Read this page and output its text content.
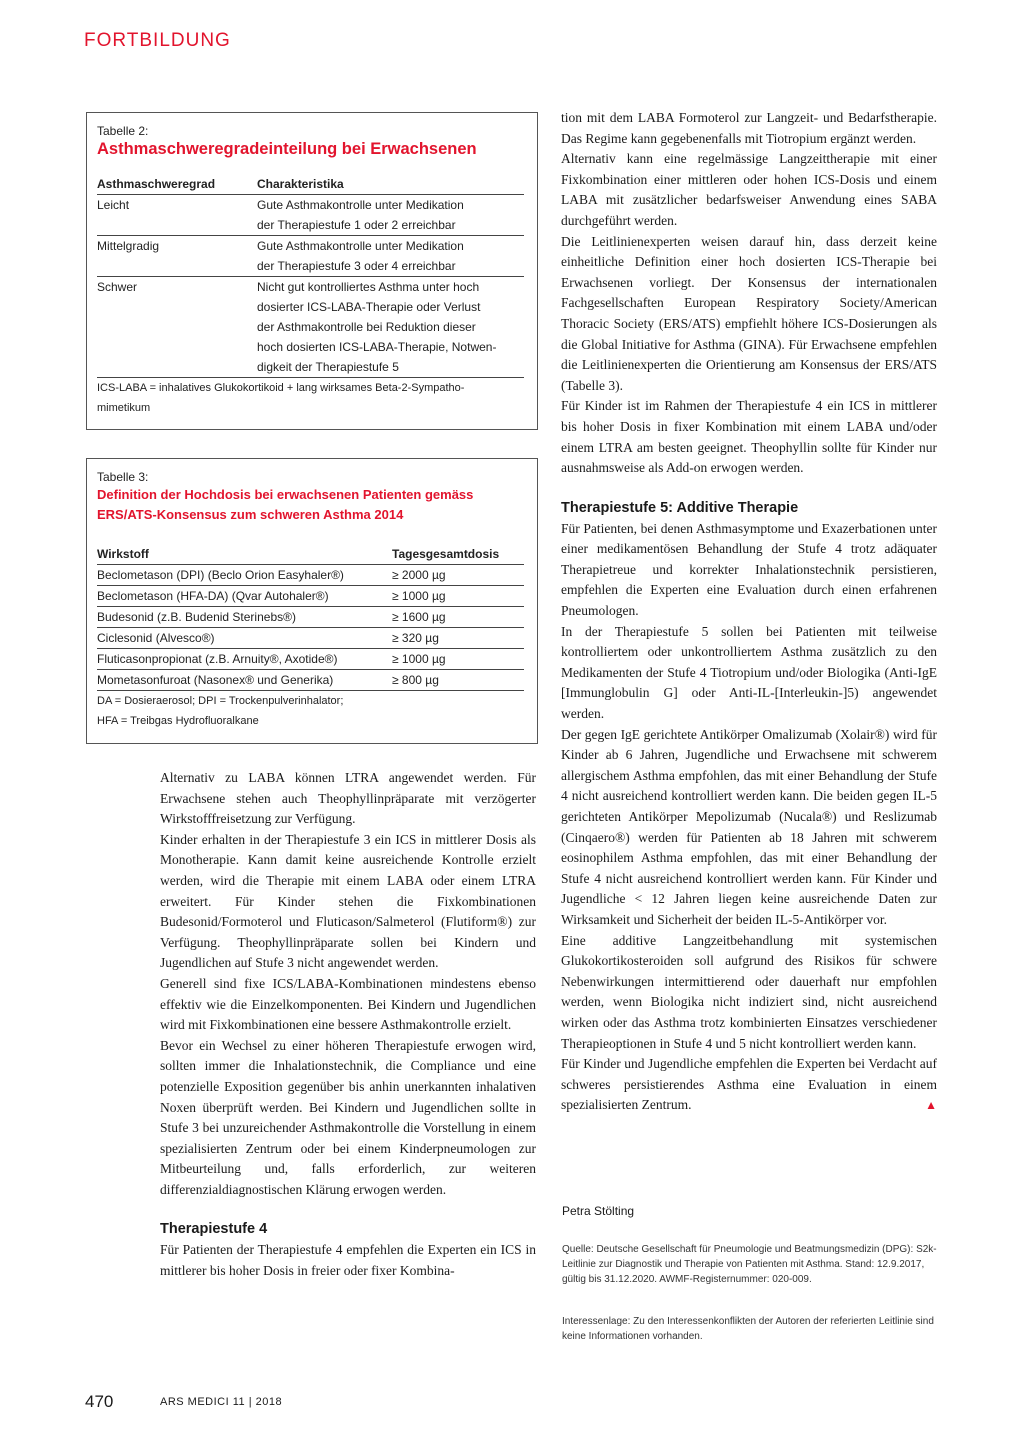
FORTBILDUNG
Tabelle 2:
Asthmaschweregradeinteilung bei Erwachsenen
Asthmaschweregrad	Charakteristika
Leicht	Gute Asthmakontrolle unter Medikation
der Therapiestufe 1 oder 2 erreichbar

Mittelgradig	Gute Asthmakontrolle unter Medikation
der Therapiestufe 3 oder 4 erreichbar

Schwer	Nicht gut kontrolliertes Asthma unter hoch
dosierter ICS-LABA-Therapie oder Verlust
der Asthmakontrolle bei Reduktion dieser
hoch dosierten ICS-LABA-Therapie, Notwen-
digkeit der Therapiestufe 5
ICS-LABA = inhalatives Glukokortikoid + lang wirksames Beta-2-Sympatho-
mimetikum
Tabelle 3:
Definition der Hochdosis bei erwachsenen Patienten gemäss
ERS/ATS-Konsensus zum schweren Asthma 2014
Wirkstoff	Tagesgesamtdosis
Beclometason (DPI) (Beclo Orion Easyhaler®)	≥ 2000 µg
Beclometason (HFA-DA) (Qvar Autohaler®)	≥ 1000 µg
Budesonid (z.B. Budenid Sterinebs®)	≥ 1600 µg
Ciclesonid (Alvesco®)	≥ 320 µg
Fluticasonpropionat (z.B. Arnuity®, Axotide®)	≥ 1000 µg
Mometasonfuroat (Nasonex® und Generika)	≥ 800 µg
DA = Dosieraerosol; DPI = Trockenpulverinhalator;
HFA = Treibgas Hydrofluoralkane

Alternativ zu LABA können LTRA angewendet werden. Für Erwachsene stehen auch Theophyllinpräparate mit verzögerter Wirkstofffreisetzung zur Verfügung.

Kinder erhalten in der Therapiestufe 3 ein ICS in mittlerer Dosis als Monotherapie. Kann damit keine ausreichende Kontrolle erzielt werden, wird die Therapie mit einem LABA oder einem LTRA erweitert. Für Kinder stehen die Fixkombinationen Budesonid/Formoterol und Fluticason/Salmeterol (Flutiform®) zur Verfügung. Theophyllinpräparate sollen bei Kindern und Jugendlichen auf Stufe 3 nicht angewendet werden.

Generell sind fixe ICS/LABA-Kombinationen mindestens ebenso effektiv wie die Einzelkomponenten. Bei Kindern und Jugendlichen wird mit Fixkombinationen eine bessere Asthmakontrolle erzielt.

Bevor ein Wechsel zu einer höheren Therapiestufe erwogen wird, sollten immer die Inhalationstechnik, die Compliance und eine potenzielle Exposition gegenüber bis anhin unerkannten inhalativen Noxen überprüft werden. Bei Kindern und Jugendlichen sollte in Stufe 3 bei unzureichender Asthmakontrolle die Vorstellung in einem spezialisierten Zentrum oder bei einem Kinderpneumologen zur Mitbeurteilung und, falls erforderlich, zur weiteren differenzialdiagnostischen Klärung erwogen werden.

Therapiestufe 4

Für Patienten der Therapiestufe 4 empfehlen die Experten ein ICS in mittlerer bis hoher Dosis in freier oder fixer Kombina-

tion mit dem LABA Formoterol zur Langzeit- und Bedarfstherapie. Das Regime kann gegebenenfalls mit Tiotropium ergänzt werden.

Alternativ kann eine regelmässige Langzeittherapie mit einer Fixkombination einer mittleren oder hohen ICS-Dosis und einem LABA mit zusätzlicher bedarfsweiser Anwendung eines SABA durchgeführt werden.

Die Leitlinienexperten weisen darauf hin, dass derzeit keine einheitliche Definition einer hoch dosierten ICS-Therapie bei Erwachsenen vorliegt. Der Konsensus der internationalen Fachgesellschaften European Respiratory Society/American Thoracic Society (ERS/ATS) empfiehlt höhere ICS-Dosierungen als die Global Initiative for Asthma (GINA). Für Erwachsene empfehlen die Leitlinienexperten die Orientierung am Konsensus der ERS/ATS (Tabelle 3).

Für Kinder ist im Rahmen der Therapiestufe 4 ein ICS in mittlerer bis hoher Dosis in fixer Kombination mit einem LABA und/oder einem LTRA am besten geeignet. Theophyllin sollte für Kinder nur ausnahmsweise als Add-on erwogen werden.

Therapiestufe 5: Additive Therapie

Für Patienten, bei denen Asthmasymptome und Exazerbationen unter einer medikamentösen Behandlung der Stufe 4 trotz adäquater Therapietreue und korrekter Inhalationstechnik persistieren, empfehlen die Experten eine Evaluation durch einen erfahrenen Pneumologen.

In der Therapiestufe 5 sollen bei Patienten mit teilweise kontrolliertem oder unkontrolliertem Asthma zusätzlich zu den Medikamenten der Stufe 4 Tiotropium und/oder Biologika (Anti-IgE [Immunglobulin G] oder Anti-IL-[Interleukin-]5) angewendet werden.

Der gegen IgE gerichtete Antikörper Omalizumab (Xolair®) wird für Kinder ab 6 Jahren, Jugendliche und Erwachsene mit schwerem allergischem Asthma empfohlen, das mit einer Behandlung der Stufe 4 nicht ausreichend kontrolliert werden kann. Die beiden gegen IL-5 gerichteten Antikörper Mepolizumab (Nucala®) und Reslizumab (Cinqaero®) werden für Patienten ab 18 Jahren mit schwerem eosinophilem Asthma empfohlen, das mit einer Behandlung der Stufe 4 nicht ausreichend kontrolliert werden kann. Für Kinder und Jugendliche < 12 Jahren liegen keine ausreichende Daten zur Wirksamkeit und Sicherheit der beiden IL-5-Antikörper vor.

Eine additive Langzeitbehandlung mit systemischen Glukokortikosteroiden soll aufgrund des Risikos für schwere Nebenwirkungen intermittierend oder dauerhaft nur empfohlen werden, wenn Biologika nicht indiziert sind, nicht ausreichend wirken oder das Asthma trotz kombinierten Einsatzes verschiedener Therapieoptionen in Stufe 4 und 5 nicht kontrolliert werden kann.

Für Kinder und Jugendliche empfehlen die Experten bei Verdacht auf schweres persistierendes Asthma eine Evaluation in einem spezialisierten Zentrum.	▲

Petra Stölting
Quelle: Deutsche Gesellschaft für Pneumologie und Beatmungsmedizin (DPG): S2k-Leitlinie zur Diagnostik und Therapie von Patienten mit Asthma. Stand: 12.9.2017, gültig bis 31.12.2020. AWMF-Registernummer: 020-009.
Interessenlage: Zu den Interessenkonflikten der Autoren der referierten Leitlinie sind keine Informationen vorhanden.
470	ARS MEDICI 11 | 2018
